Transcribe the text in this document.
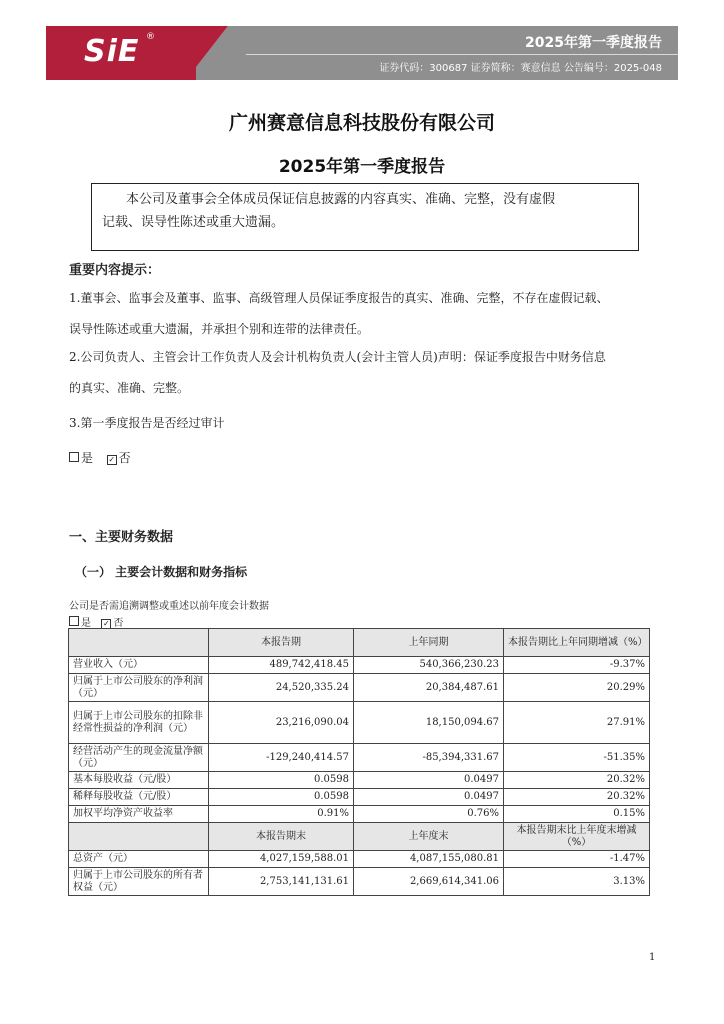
SiE ®	2025年第一季度报告
证券代码：300687 证券简称：赛意信息 公告编号：2025-048
广州赛意信息科技股份有限公司
2025年第一季度报告
本公司及董事会全体成员保证信息披露的内容真实、准确、完整，没有虚假
记载、误导性陈述或重大遗漏。
重要内容提示：
1.董事会、监事会及董事、监事、高级管理人员保证季度报告的真实、准确、完整，不存在虚假记载、
误导性陈述或重大遗漏，并承担个别和连带的法律责任。
2.公司负责人、主管会计工作负责人及会计机构负责人(会计主管人员)声明：保证季度报告中财务信息
的真实、准确、完整。
3.第一季度报告是否经过审计
是 ✓ 否
一、主要财务数据
（一） 主要会计数据和财务指标
公司是否需追溯调整或重述以前年度会计数据
是 ✓ 否
	本报告期	上年同期	本报告期比上年同期增减（%）
营业收入（元）	489,742,418.45	540,366,230.23	-9.37%
归属于上市公司股东的净利润（元）	24,520,335.24	20,384,487.61	20.29%
归属于上市公司股东的扣除非经常性损益的净利润（元）	23,216,090.04	18,150,094.67	27.91%
经营活动产生的现金流量净额（元）	-129,240,414.57	-85,394,331.67	-51.35%
基本每股收益（元/股）	0.0598	0.0497	20.32%
稀释每股收益（元/股）	0.0598	0.0497	20.32%
加权平均净资产收益率	0.91%	0.76%	0.15%
	本报告期末	上年度末	本报告期末比上年度末增减（%）
总资产（元）	4,027,159,588.01	4,087,155,080.81	-1.47%
归属于上市公司股东的所有者权益（元）	2,753,141,131.61	2,669,614,341.06	3.13%
1
